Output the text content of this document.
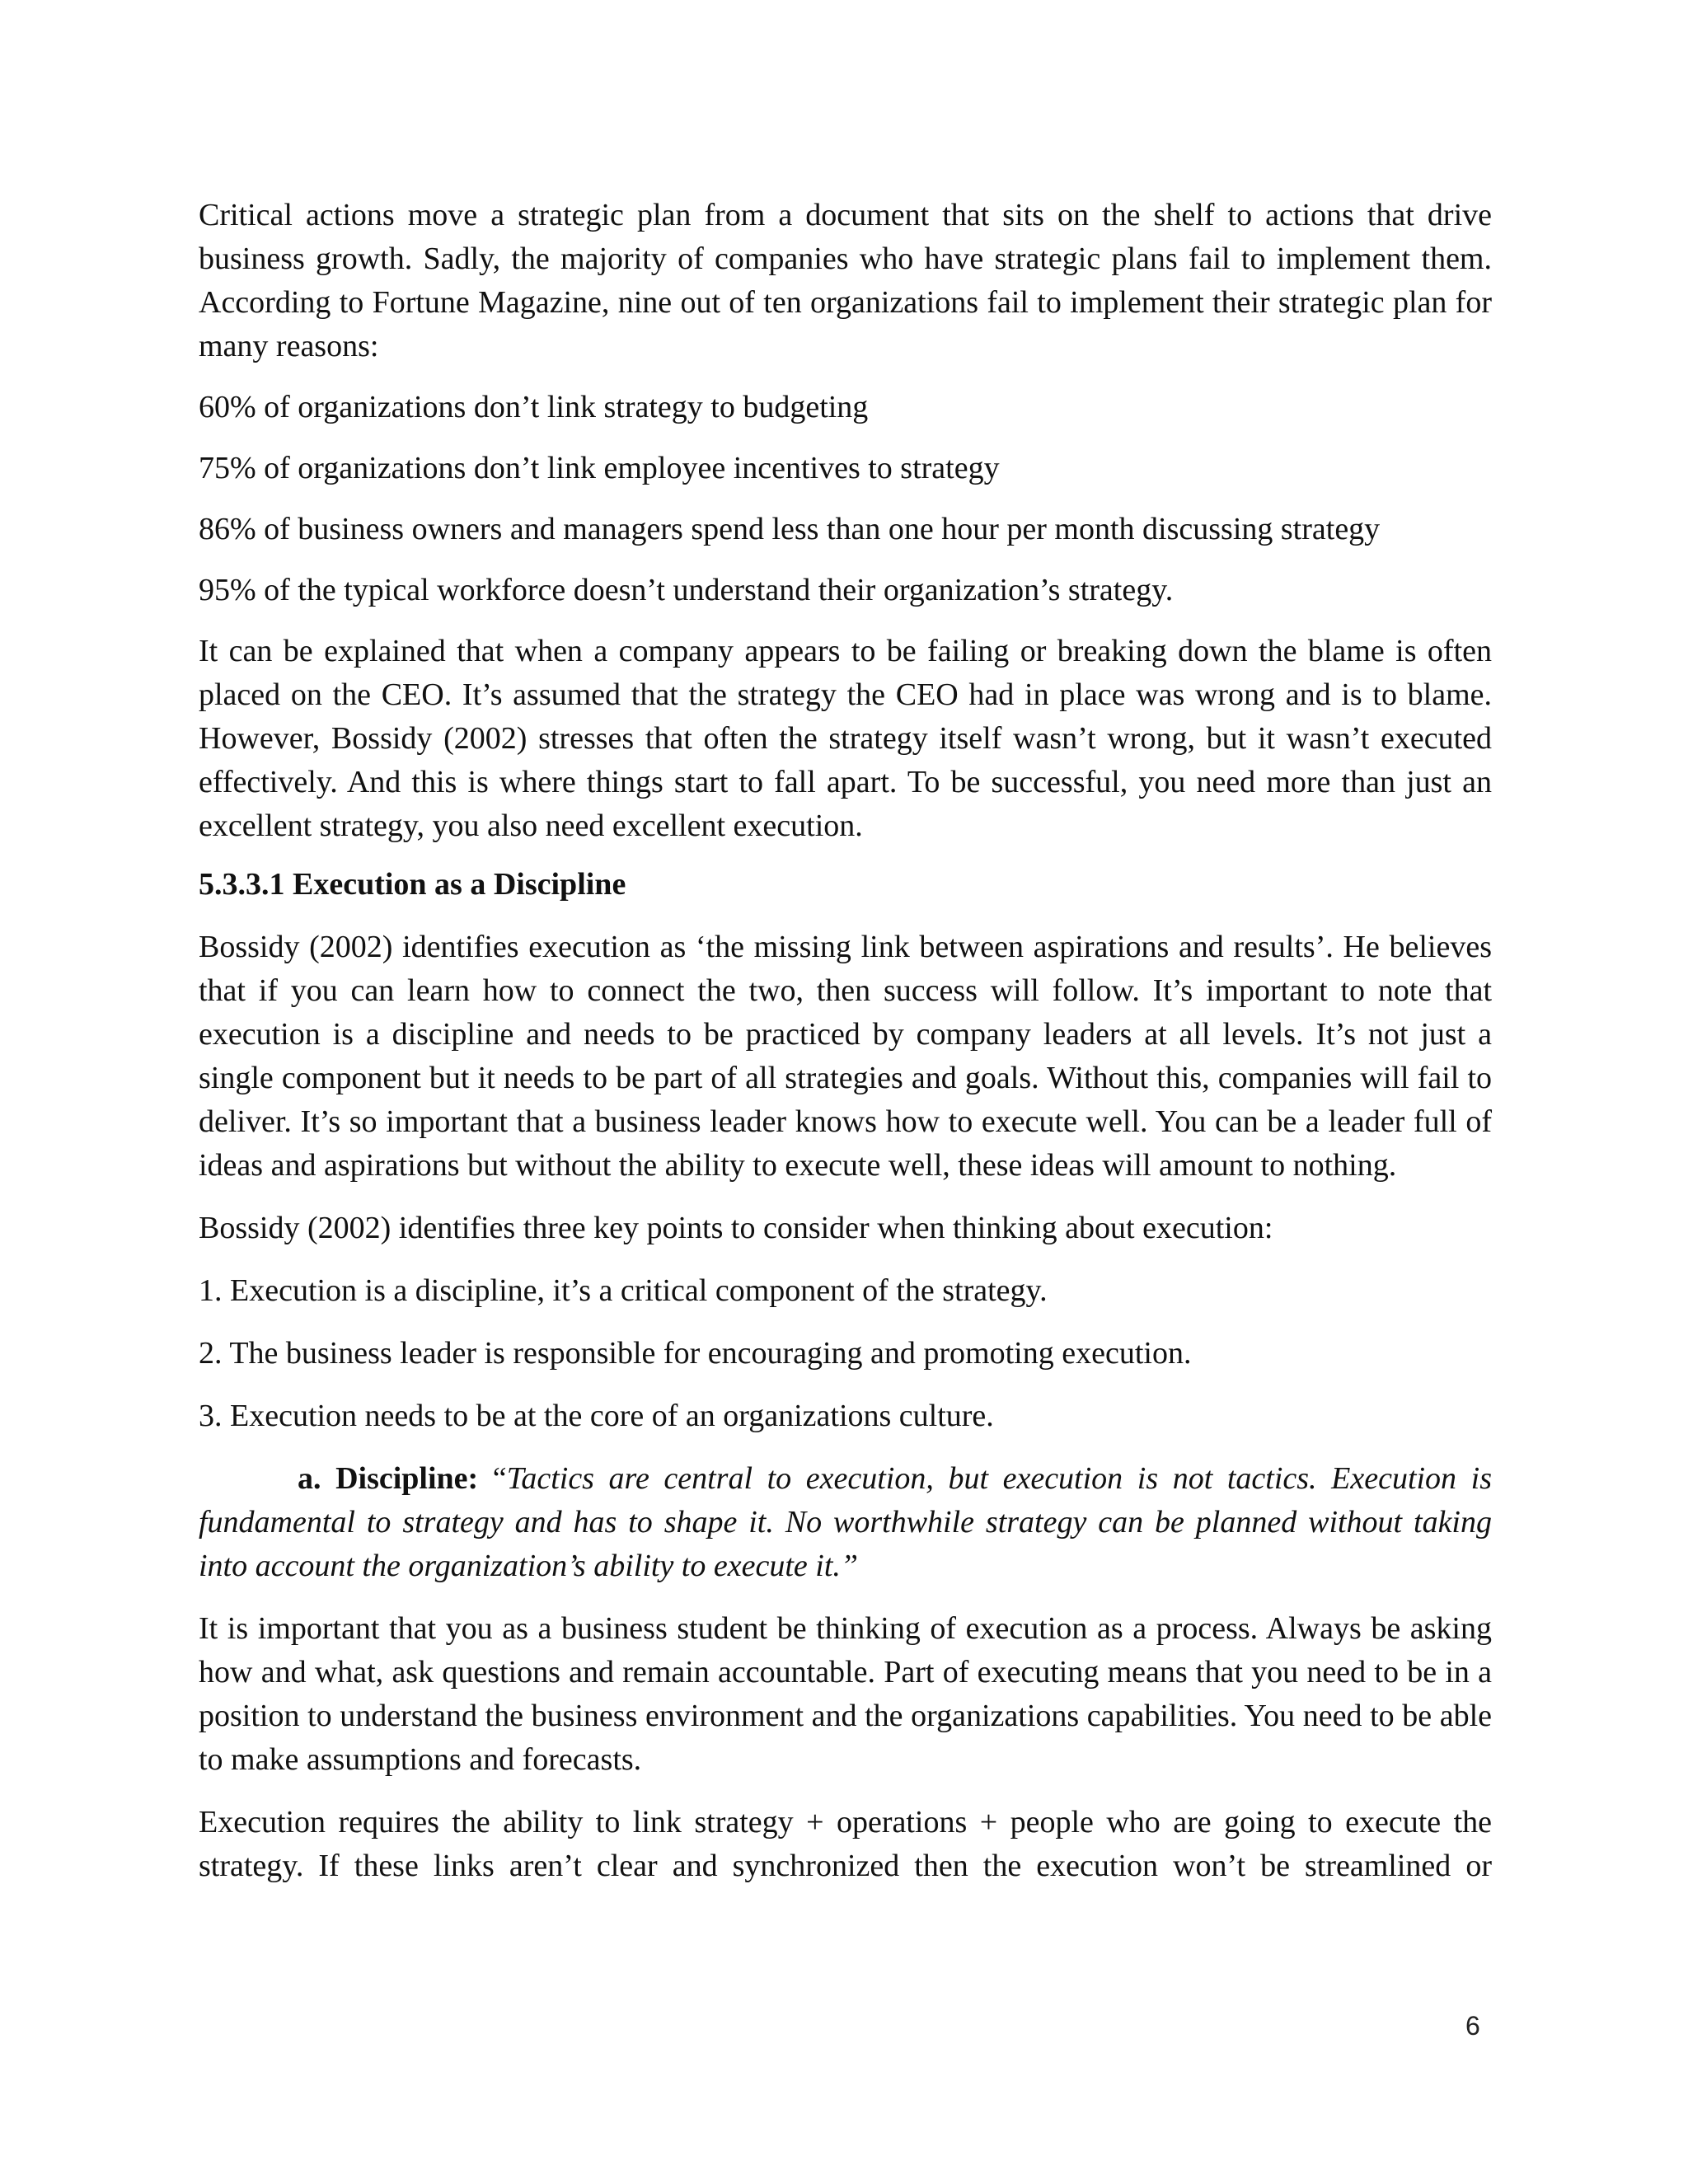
Critical actions move a strategic plan from a document that sits on the shelf to actions that drive business growth. Sadly, the majority of companies who have strategic plans fail to implement them. According to Fortune Magazine, nine out of ten organizations fail to implement their strategic plan for many reasons:

60% of organizations don’t link strategy to budgeting

75% of organizations don’t link employee incentives to strategy

86% of business owners and managers spend less than one hour per month discussing strategy

95% of the typical workforce doesn’t understand their organization’s strategy.

It can be explained that when a company appears to be failing or breaking down the blame is often placed on the CEO. It’s assumed that the strategy the CEO had in place was wrong and is to blame. However, Bossidy (2002) stresses that often the strategy itself wasn’t wrong, but it wasn’t executed effectively. And this is where things start to fall apart. To be successful, you need more than just an excellent strategy, you also need excellent execution.

5.3.3.1 Execution as a Discipline

Bossidy (2002) identifies execution as ‘the missing link between aspirations and results’. He believes that if you can learn how to connect the two, then success will follow. It’s important to note that execution is a discipline and needs to be practiced by company leaders at all levels. It’s not just a single component but it needs to be part of all strategies and goals. Without this, companies will fail to deliver. It’s so important that a business leader knows how to execute well. You can be a leader full of ideas and aspirations but without the ability to execute well, these ideas will amount to nothing.

Bossidy (2002) identifies three key points to consider when thinking about execution:

1. Execution is a discipline, it’s a critical component of the strategy.

2. The business leader is responsible for encouraging and promoting execution.

3. Execution needs to be at the core of an organizations culture.

a. Discipline: “Tactics are central to execution, but execution is not tactics. Execution is fundamental to strategy and has to shape it. No worthwhile strategy can be planned without taking into account the organization’s ability to execute it.”

It is important that you as a business student be thinking of execution as a process. Always be asking how and what, ask questions and remain accountable. Part of executing means that you need to be in a position to understand the business environment and the organizations capabilities. You need to be able to make assumptions and forecasts.

Execution requires the ability to link strategy + operations + people who are going to execute the strategy. If these links aren’t clear and synchronized then the execution won’t be streamlined or

6
